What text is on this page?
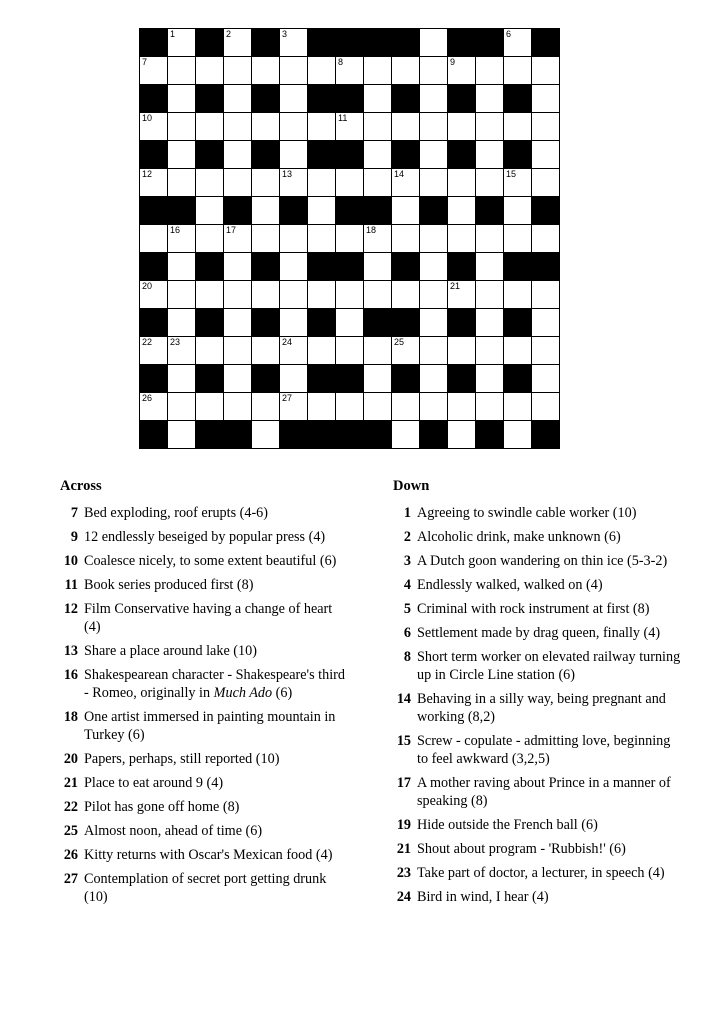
	1		2		3								6	

7							8				9			

10							11							

12					13				14				15	

	16		17					18						

20											21			

22	23				24				25					

26					27									

Across
7 Bed exploding, roof erupts (4-6)
9 12 endlessly beseiged by popular press (4)
10 Coalesce nicely, to some extent beautiful (6)
11 Book series produced first (8)
12 Film Conservative having a change of heart (4)
13 Share a place around lake (10)
16 Shakespearean character - Shakespeare's third - Romeo, originally in Much Ado (6)
18 One artist immersed in painting mountain in Turkey (6)
20 Papers, perhaps, still reported (10)
21 Place to eat around 9 (4)
22 Pilot has gone off home (8)
25 Almost noon, ahead of time (6)
26 Kitty returns with Oscar's Mexican food (4)
27 Contemplation of secret port getting drunk (10)
Down
1 Agreeing to swindle cable worker (10)
2 Alcoholic drink, make unknown (6)
3 A Dutch goon wandering on thin ice (5-3-2)
4 Endlessly walked, walked on (4)
5 Criminal with rock instrument at first (8)
6 Settlement made by drag queen, finally (4)
8 Short term worker on elevated railway turning up in Circle Line station (6)
14 Behaving in a silly way, being pregnant and working (8,2)
15 Screw - copulate - admitting love, beginning to feel awkward (3,2,5)
17 A mother raving about Prince in a manner of speaking (8)
19 Hide outside the French ball (6)
21 Shout about program - 'Rubbish!' (6)
23 Take part of doctor, a lecturer, in speech (4)
24 Bird in wind, I hear (4)
